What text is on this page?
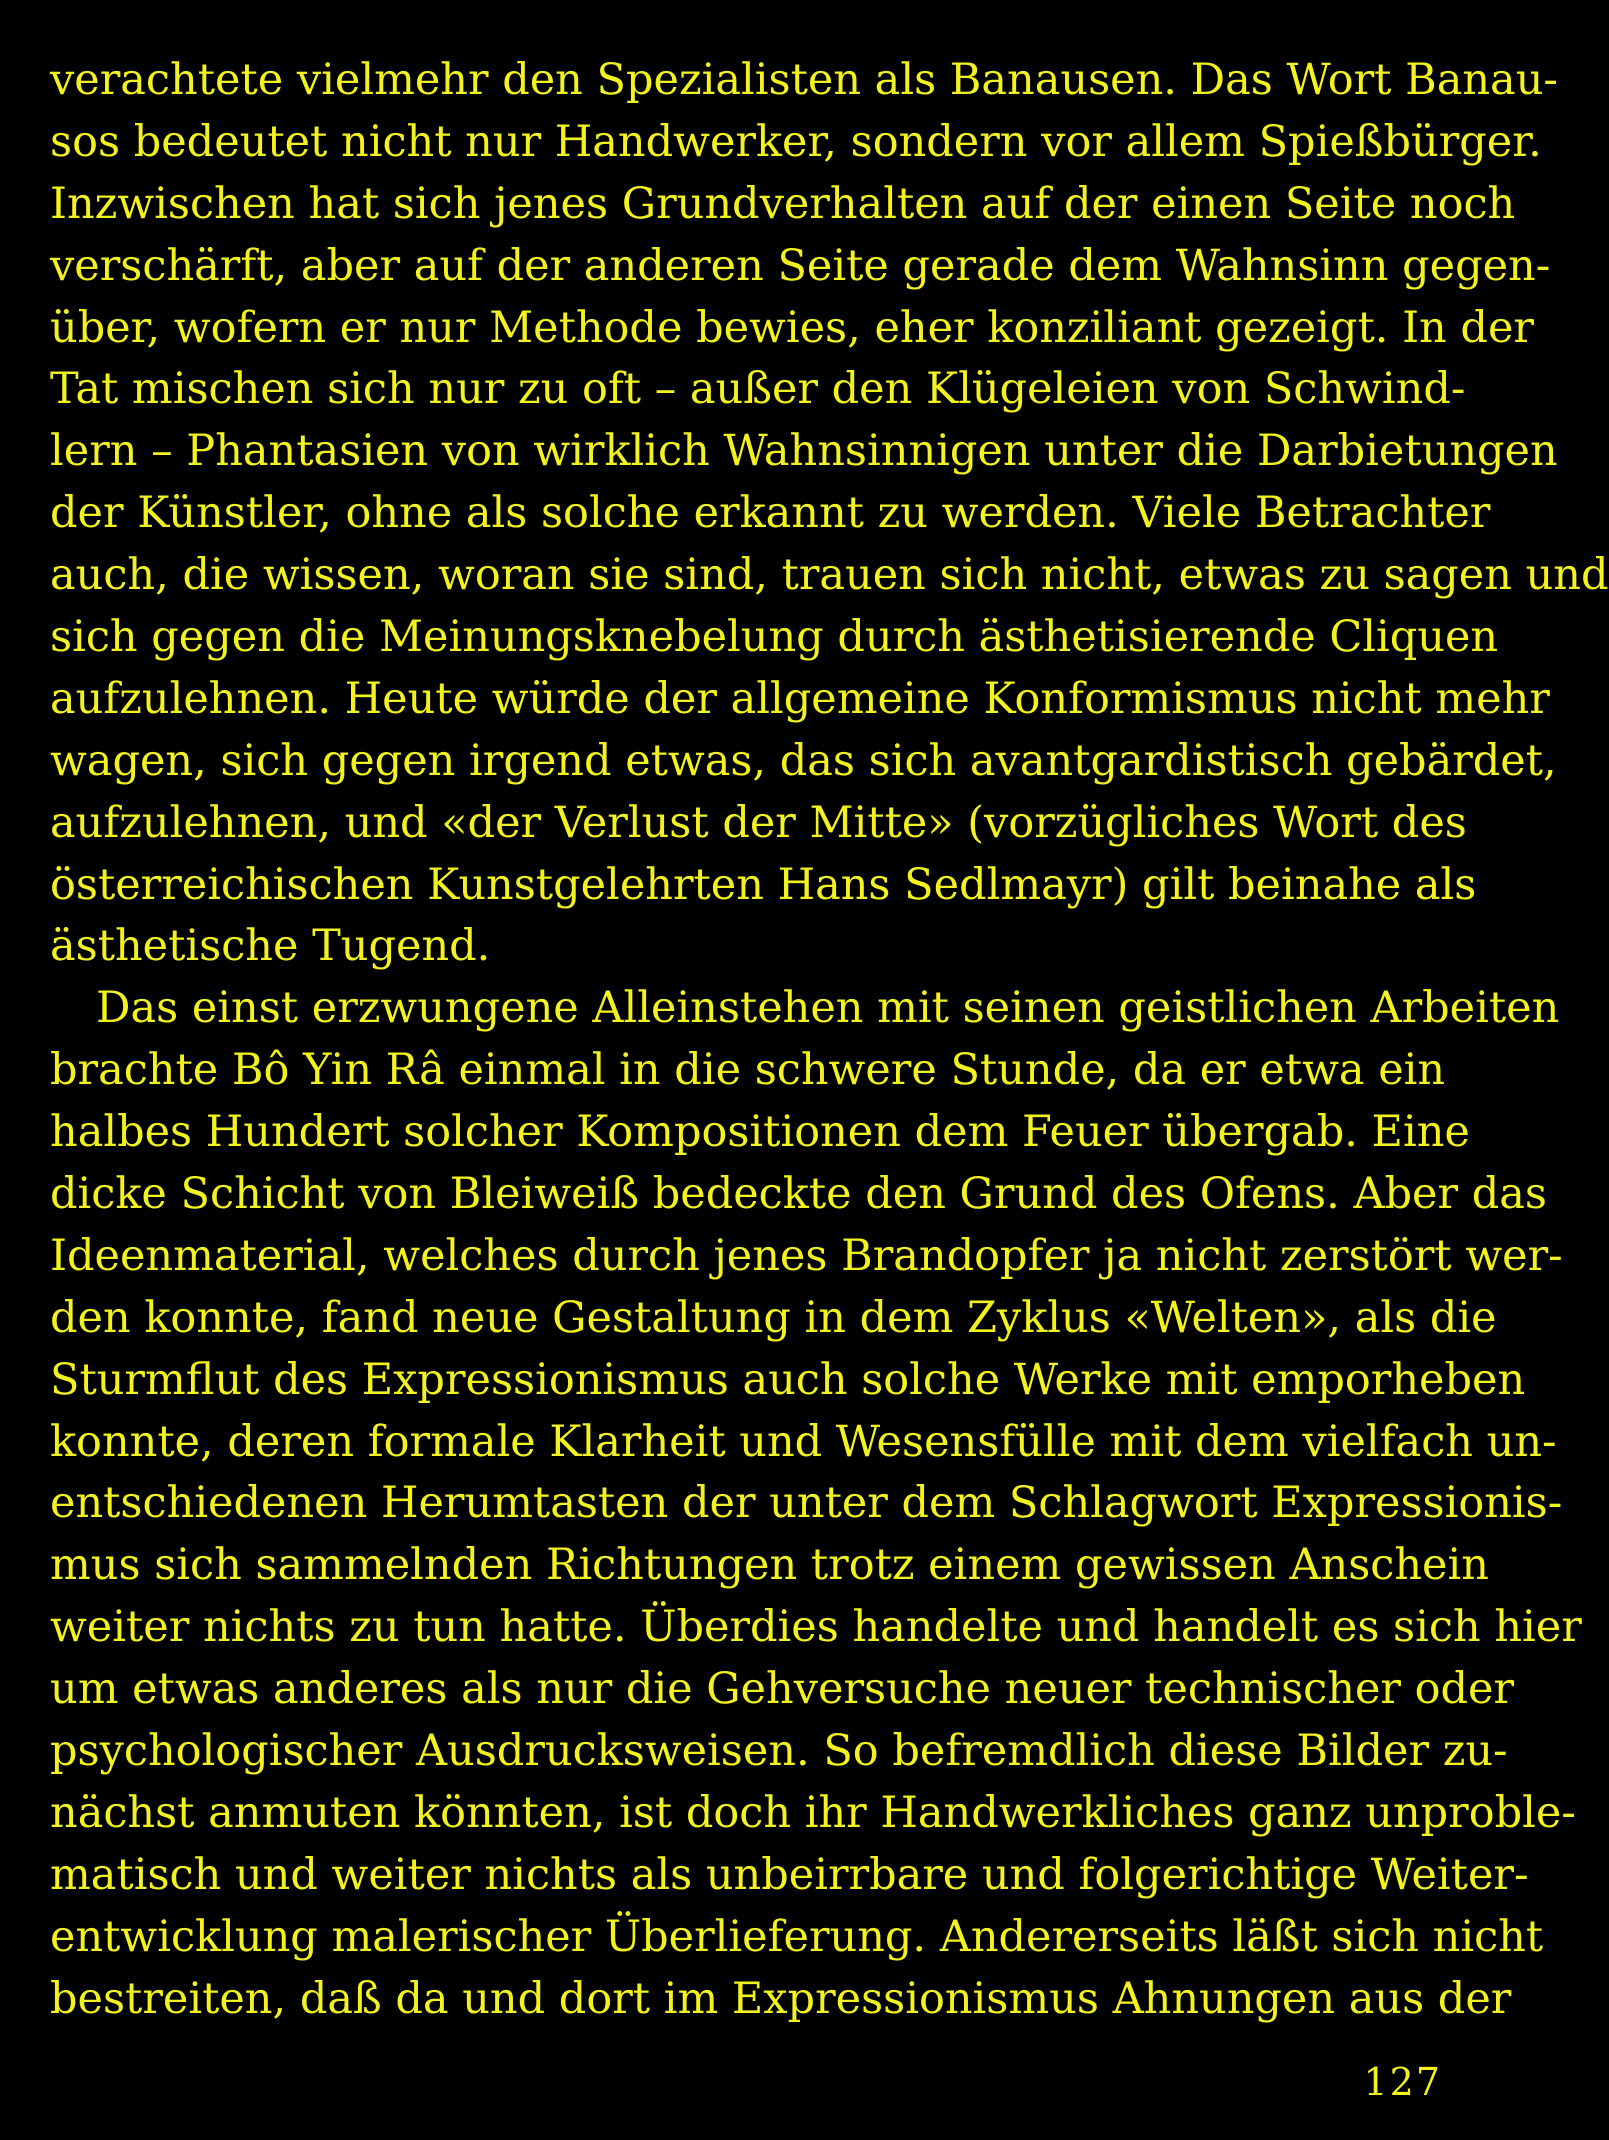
verachtete vielmehr den Spezialisten als Banausen. Das Wort Banau-
sos bedeutet nicht nur Handwerker, sondern vor allem Spießbürger.
Inzwischen hat sich jenes Grundverhalten auf der einen Seite noch
verschärft, aber auf der anderen Seite gerade dem Wahnsinn gegen-
über, wofern er nur Methode bewies, eher konziliant gezeigt. In der
Tat mischen sich nur zu oft – außer den Klügeleien von Schwind-
lern – Phantasien von wirklich Wahnsinnigen unter die Darbietungen
der Künstler, ohne als solche erkannt zu werden. Viele Betrachter
auch, die wissen, woran sie sind, trauen sich nicht, etwas zu sagen und
sich gegen die Meinungsknebelung durch ästhetisierende Cliquen
aufzulehnen. Heute würde der allgemeine Konformismus nicht mehr
wagen, sich gegen irgend etwas, das sich avantgardistisch gebärdet,
aufzulehnen, und «der Verlust der Mitte» (vorzügliches Wort des
österreichischen Kunstgelehrten Hans Sedlmayr) gilt beinahe als
ästhetische Tugend.
Das einst erzwungene Alleinstehen mit seinen geistlichen Arbeiten
brachte Bô Yin Râ einmal in die schwere Stunde, da er etwa ein
halbes Hundert solcher Kompositionen dem Feuer übergab. Eine
dicke Schicht von Bleiweiß bedeckte den Grund des Ofens. Aber das
Ideenmaterial, welches durch jenes Brandopfer ja nicht zerstört wer-
den konnte, fand neue Gestaltung in dem Zyklus «Welten», als die
Sturmflut des Expressionismus auch solche Werke mit emporheben
konnte, deren formale Klarheit und Wesensfülle mit dem vielfach un-
entschiedenen Herumtasten der unter dem Schlagwort Expressionis-
mus sich sammelnden Richtungen trotz einem gewissen Anschein
weiter nichts zu tun hatte. Überdies handelte und handelt es sich hier
um etwas anderes als nur die Gehversuche neuer technischer oder
psychologischer Ausdrucksweisen. So befremdlich diese Bilder zu-
nächst anmuten könnten, ist doch ihr Handwerkliches ganz unproble-
matisch und weiter nichts als unbeirrbare und folgerichtige Weiter-
entwicklung malerischer Überlieferung. Andererseits läßt sich nicht
bestreiten, daß da und dort im Expressionismus Ahnungen aus der
127
